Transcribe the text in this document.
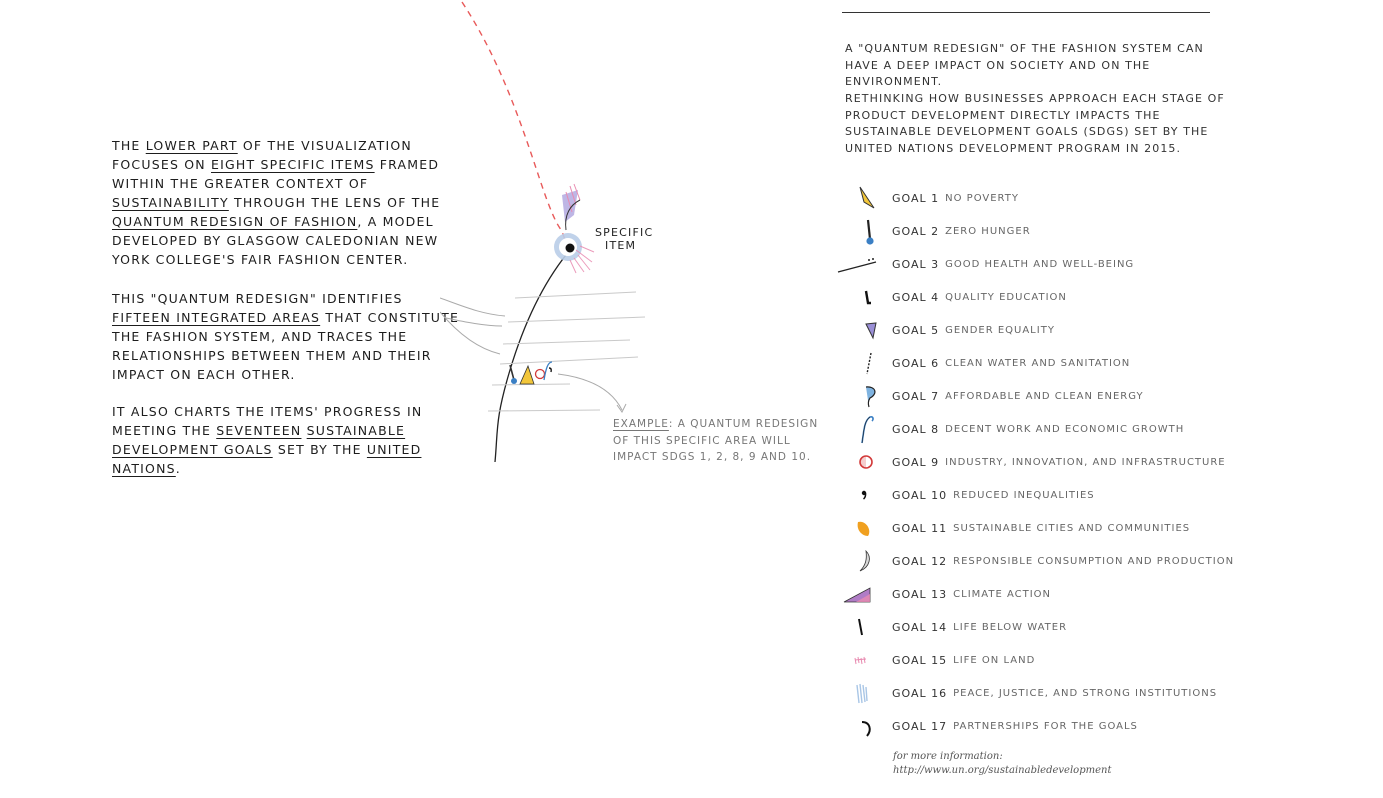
THE LOWER PART OF THE VISUALIZATION FOCUSES ON EIGHT SPECIFIC ITEMS FRAMED WITHIN THE GREATER CONTEXT OF SUSTAINABILITY THROUGH THE LENS OF THE QUANTUM REDESIGN OF FASHION, A MODEL DEVELOPED BY GLASGOW CALEDONIAN NEW YORK COLLEGE'S FAIR FASHION CENTER.
THIS "QUANTUM REDESIGN" IDENTIFIES FIFTEEN INTEGRATED AREAS THAT CONSTITUTE THE FASHION SYSTEM, AND TRACES THE RELATIONSHIPS BETWEEN THEM AND THEIR IMPACT ON EACH OTHER.
IT ALSO CHARTS THE ITEMS' PROGRESS IN MEETING THE SEVENTEEN SUSTAINABLE DEVELOPMENT GOALS SET BY THE UNITED NATIONS.
SPECIFIC
ITEM
EXAMPLE: A QUANTUM REDESIGN OF THIS SPECIFIC AREA WILL IMPACT SDGS 1, 2, 8, 9 AND 10.
A "QUANTUM REDESIGN" OF THE FASHION SYSTEM CAN HAVE A DEEP IMPACT ON SOCIETY AND ON THE ENVIRONMENT.
RETHINKING HOW BUSINESSES APPROACH EACH STAGE OF PRODUCT DEVELOPMENT DIRECTLY IMPACTS THE SUSTAINABLE DEVELOPMENT GOALS (SDGS) SET BY THE UNITED NATIONS DEVELOPMENT PROGRAM IN 2015.
GOAL 1 NO POVERTY
GOAL 2 ZERO HUNGER
GOAL 3 GOOD HEALTH AND WELL-BEING
GOAL 4 QUALITY EDUCATION
GOAL 5 GENDER EQUALITY
GOAL 6 CLEAN WATER AND SANITATION
GOAL 7 AFFORDABLE AND CLEAN ENERGY
GOAL 8 DECENT WORK AND ECONOMIC GROWTH
GOAL 9 INDUSTRY, INNOVATION, AND INFRASTRUCTURE
GOAL 10 REDUCED INEQUALITIES
GOAL 11 SUSTAINABLE CITIES AND COMMUNITIES
GOAL 12 RESPONSIBLE CONSUMPTION AND PRODUCTION
GOAL 13 CLIMATE ACTION
GOAL 14 LIFE BELOW WATER
GOAL 15 LIFE ON LAND
GOAL 16 PEACE, JUSTICE, AND STRONG INSTITUTIONS
GOAL 17 PARTNERSHIPS FOR THE GOALS
for more information:
http://www.un.org/sustainabledevelopment
